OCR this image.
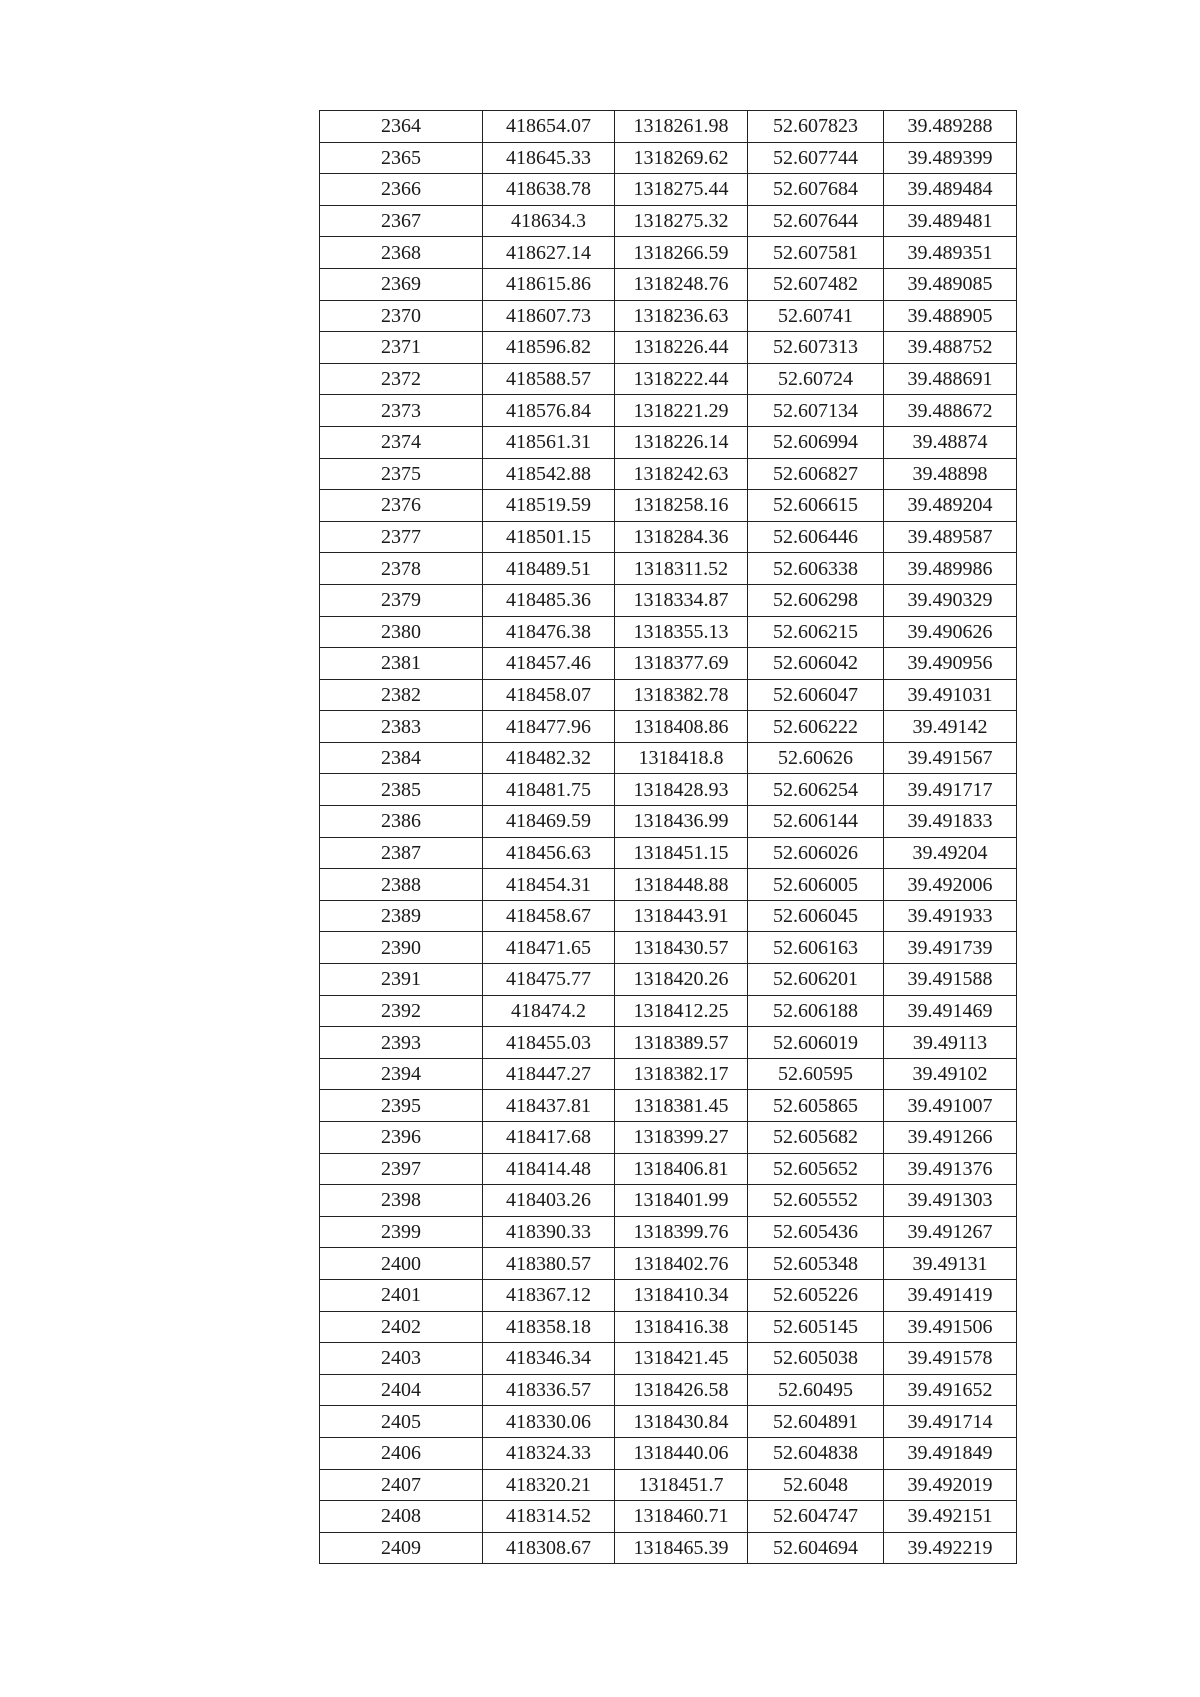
2364	418654.07	1318261.98	52.607823	39.489288
2365	418645.33	1318269.62	52.607744	39.489399
2366	418638.78	1318275.44	52.607684	39.489484
2367	418634.3	1318275.32	52.607644	39.489481
2368	418627.14	1318266.59	52.607581	39.489351
2369	418615.86	1318248.76	52.607482	39.489085
2370	418607.73	1318236.63	52.60741	39.488905
2371	418596.82	1318226.44	52.607313	39.488752
2372	418588.57	1318222.44	52.60724	39.488691
2373	418576.84	1318221.29	52.607134	39.488672
2374	418561.31	1318226.14	52.606994	39.48874
2375	418542.88	1318242.63	52.606827	39.48898
2376	418519.59	1318258.16	52.606615	39.489204
2377	418501.15	1318284.36	52.606446	39.489587
2378	418489.51	1318311.52	52.606338	39.489986
2379	418485.36	1318334.87	52.606298	39.490329
2380	418476.38	1318355.13	52.606215	39.490626
2381	418457.46	1318377.69	52.606042	39.490956
2382	418458.07	1318382.78	52.606047	39.491031
2383	418477.96	1318408.86	52.606222	39.49142
2384	418482.32	1318418.8	52.60626	39.491567
2385	418481.75	1318428.93	52.606254	39.491717
2386	418469.59	1318436.99	52.606144	39.491833
2387	418456.63	1318451.15	52.606026	39.49204
2388	418454.31	1318448.88	52.606005	39.492006
2389	418458.67	1318443.91	52.606045	39.491933
2390	418471.65	1318430.57	52.606163	39.491739
2391	418475.77	1318420.26	52.606201	39.491588
2392	418474.2	1318412.25	52.606188	39.491469
2393	418455.03	1318389.57	52.606019	39.49113
2394	418447.27	1318382.17	52.60595	39.49102
2395	418437.81	1318381.45	52.605865	39.491007
2396	418417.68	1318399.27	52.605682	39.491266
2397	418414.48	1318406.81	52.605652	39.491376
2398	418403.26	1318401.99	52.605552	39.491303
2399	418390.33	1318399.76	52.605436	39.491267
2400	418380.57	1318402.76	52.605348	39.49131
2401	418367.12	1318410.34	52.605226	39.491419
2402	418358.18	1318416.38	52.605145	39.491506
2403	418346.34	1318421.45	52.605038	39.491578
2404	418336.57	1318426.58	52.60495	39.491652
2405	418330.06	1318430.84	52.604891	39.491714
2406	418324.33	1318440.06	52.604838	39.491849
2407	418320.21	1318451.7	52.6048	39.492019
2408	418314.52	1318460.71	52.604747	39.492151
2409	418308.67	1318465.39	52.604694	39.492219
